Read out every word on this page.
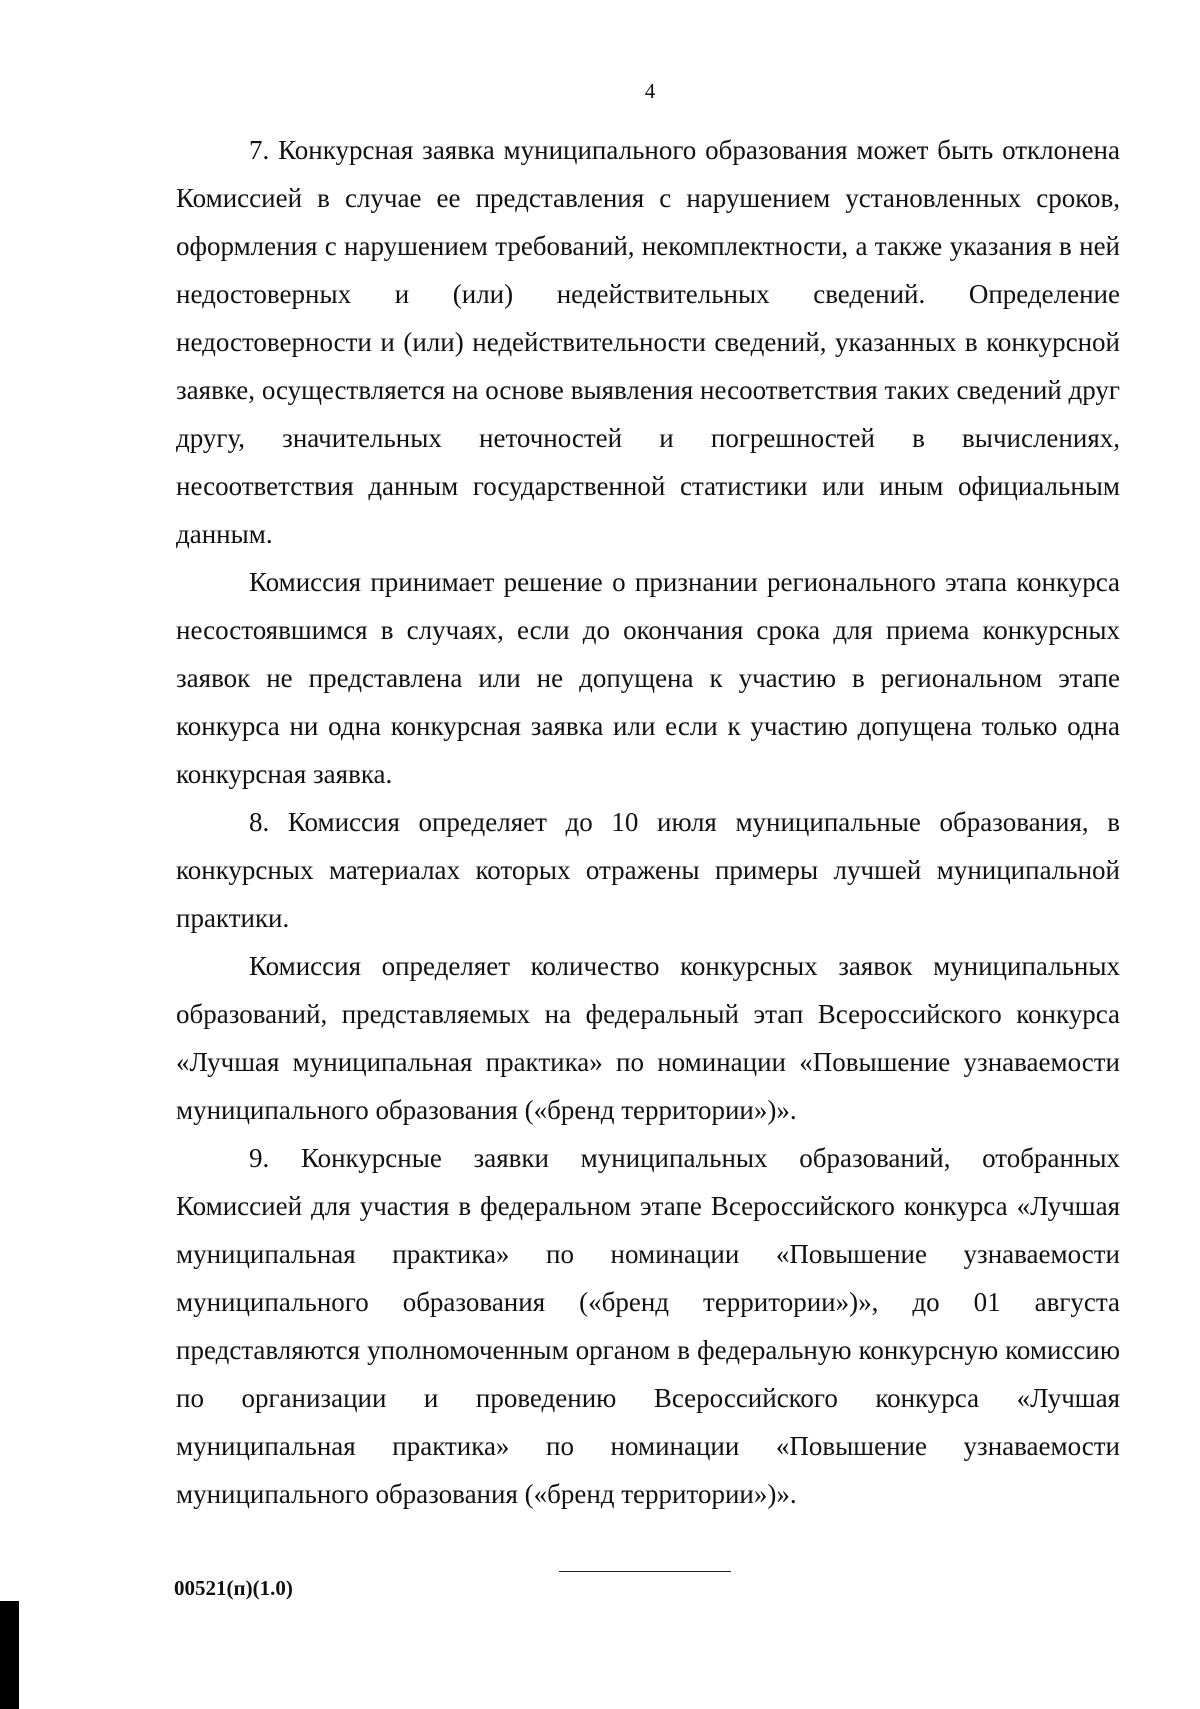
4

7. Конкурсная заявка муниципального образования может быть отклонена Комиссией в случае ее представления с нарушением установленных сроков, оформления с нарушением требований, некомплектности, а также указания в ней недостоверных и (или) недействительных сведений. Определение недостоверности и (или) недействительности сведений, указанных в конкурсной заявке, осуществляется на основе выявления несоответствия таких сведений друг другу, значительных неточностей и погрешностей в вычислениях, несоответствия данным государственной статистики или иным официальным данным.

Комиссия принимает решение о признании регионального этапа конкурса несостоявшимся в случаях, если до окончания срока для приема конкурсных заявок не представлена или не допущена к участию в региональном этапе конкурса ни одна конкурсная заявка или если к участию допущена только одна конкурсная заявка.

8. Комиссия определяет до 10 июля муниципальные образования, в конкурсных материалах которых отражены примеры лучшей муниципальной практики.

Комиссия определяет количество конкурсных заявок муниципальных образований, представляемых на федеральный этап Всероссийского конкурса «Лучшая муниципальная практика» по номинации «Повышение узнаваемости муниципального образования («бренд территории»)».

9. Конкурсные заявки муниципальных образований, отобранных Комиссией для участия в федеральном этапе Всероссийского конкурса «Лучшая муниципальная практика» по номинации «Повышение узнаваемости муниципального образования («бренд территории»)», до 01 августа представляются уполномоченным органом в федеральную конкурсную комиссию по организации и проведению Всероссийского конкурса «Лучшая муниципальная практика» по номинации «Повышение узнаваемости муниципального образования («бренд территории»)».

00521(п)(1.0)
